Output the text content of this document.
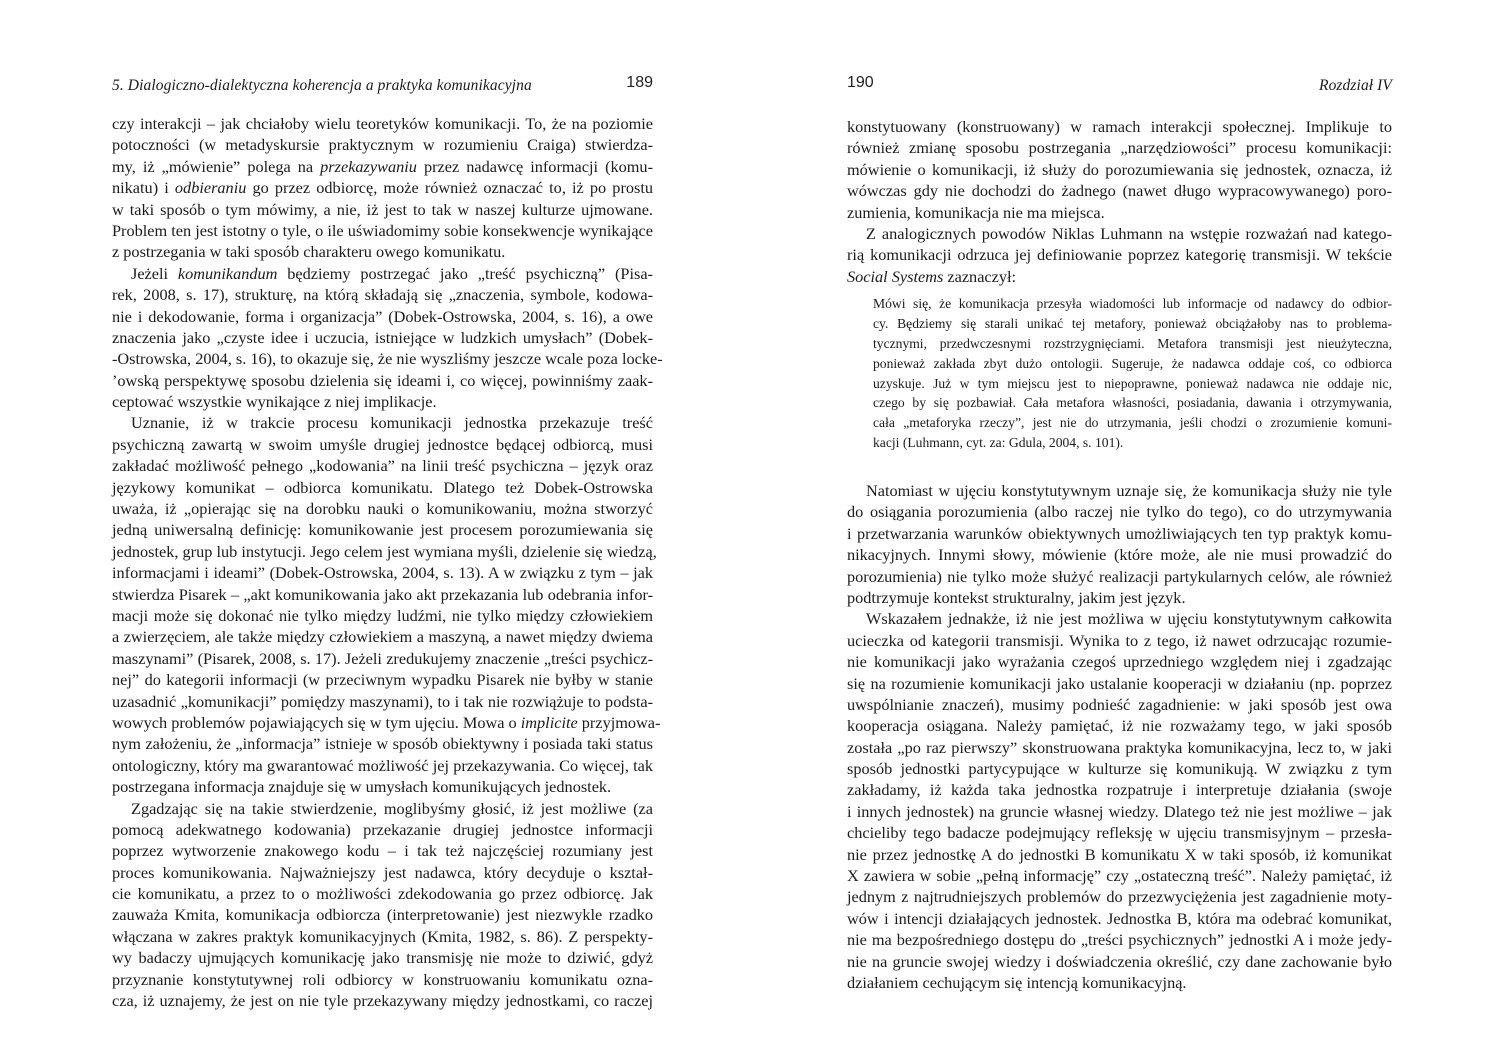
5. Dialogiczno-dialektyczna koherencja a praktyka komunikacyjna	189
czy interakcji – jak chciałoby wielu teoretyków komunikacji. To, że na poziomie
potoczności (w metadyskursie praktycznym w rozumieniu Craiga) stwierdza-
my, iż „mówienie” polega na przekazywaniu przez nadawcę informacji (komu-
nikatu) i odbieraniu go przez odbiorcę, może również oznaczać to, iż po prostu
w taki sposób o tym mówimy, a nie, iż jest to tak w naszej kulturze ujmowane.
Problem ten jest istotny o tyle, o ile uświadomimy sobie konsekwencje wynikające
z postrzegania w taki sposób charakteru owego komunikatu.
Jeżeli komunikandum będziemy postrzegać jako „treść psychiczną” (Pisa-
rek, 2008, s. 17), strukturę, na którą składają się „znaczenia, symbole, kodowa-
nie i dekodowanie, forma i organizacja” (Dobek-Ostrowska, 2004, s. 16), a owe
znaczenia jako „czyste idee i uczucia, istniejące w ludzkich umysłach” (Dobek-
-Ostrowska, 2004, s. 16), to okazuje się, że nie wyszliśmy jeszcze wcale poza locke-
’owską perspektywę sposobu dzielenia się ideami i, co więcej, powinniśmy zaak-
ceptować wszystkie wynikające z niej implikacje.
Uznanie, iż w trakcie procesu komunikacji jednostka przekazuje treść
psychiczną zawartą w swoim umyśle drugiej jednostce będącej odbiorcą, musi
zakładać możliwość pełnego „kodowania” na linii treść psychiczna – język oraz
językowy komunikat – odbiorca komunikatu. Dlatego też Dobek-Ostrowska
uważa, iż „opierając się na dorobku nauki o komunikowaniu, można stworzyć
jedną uniwersalną definicję: komunikowanie jest procesem porozumiewania się
jednostek, grup lub instytucji. Jego celem jest wymiana myśli, dzielenie się wiedzą,
informacjami i ideami” (Dobek-Ostrowska, 2004, s. 13). A w związku z tym – jak
stwierdza Pisarek – „akt komunikowania jako akt przekazania lub odebrania infor-
macji może się dokonać nie tylko między ludźmi, nie tylko między człowiekiem
a zwierzęciem, ale także między człowiekiem a maszyną, a nawet między dwiema
maszynami” (Pisarek, 2008, s. 17). Jeżeli zredukujemy znaczenie „treści psychicz-
nej” do kategorii informacji (w przeciwnym wypadku Pisarek nie byłby w stanie
uzasadnić „komunikacji” pomiędzy maszynami), to i tak nie rozwiążuje to podsta-
wowych problemów pojawiających się w tym ujęciu. Mowa o implicite przyjmowa-
nym założeniu, że „informacja” istnieje w sposób obiektywny i posiada taki status
ontologiczny, który ma gwarantować możliwość jej przekazywania. Co więcej, tak
postrzegana informacja znajduje się w umysłach komunikujących jednostek.
Zgadzając się na takie stwierdzenie, moglibyśmy głosić, iż jest możliwe (za
pomocą adekwatnego kodowania) przekazanie drugiej jednostce informacji
poprzez wytworzenie znakowego kodu – i tak też najczęściej rozumiany jest
proces komunikowania. Najważniejszy jest nadawca, który decyduje o kształ-
cie komunikatu, a przez to o możliwości zdekodowania go przez odbiorcę. Jak
zauważa Kmita, komunikacja odbiorcza (interpretowanie) jest niezwykle rzadko
włączana w zakres praktyk komunikacyjnych (Kmita, 1982, s. 86). Z perspekty-
wy badaczy ujmujących komunikację jako transmisję nie może to dziwić, gdyż
przyznanie konstytutywnej roli odbiorcy w konstruowaniu komunikatu ozna-
cza, iż uznajemy, że jest on nie tyle przekazywany między jednostkami, co raczej
190	Rozdział IV
konstytuowany (konstruowany) w ramach interakcji społecznej. Implikuje to
również zmianę sposobu postrzegania „narzędziowości” procesu komunikacji:
mówienie o komunikacji, iż służy do porozumiewania się jednostek, oznacza, iż
wówczas gdy nie dochodzi do żadnego (nawet długo wypracowywanego) poro-
zumienia, komunikacja nie ma miejsca.
Z analogicznych powodów Niklas Luhmann na wstępie rozważań nad katego-
rią komunikacji odrzuca jej definiowanie poprzez kategorię transmisji. W tekście
Social Systems zaznaczył:
Mówi się, że komunikacja przesyła wiadomości lub informacje od nadawcy do odbior-
cy. Będziemy się starali unikać tej metafory, ponieważ obciążałoby nas to problema-
tycznymi, przedwczesnymi rozstrzygnięciami. Metafora transmisji jest nieużyteczna,
ponieważ zakłada zbyt dużo ontologii. Sugeruje, że nadawca oddaje coś, co odbiorca
uzyskuje. Już w tym miejscu jest to niepoprawne, ponieważ nadawca nie oddaje nic,
czego by się pozbawiał. Cała metafora własności, posiadania, dawania i otrzymywania,
cała „metaforyka rzeczy”, jest nie do utrzymania, jeśli chodzi o zrozumienie komuni-
kacji (Luhmann, cyt. za: Gdula, 2004, s. 101).
Natomiast w ujęciu konstytutywnym uznaje się, że komunikacja służy nie tyle
do osiągania porozumienia (albo raczej nie tylko do tego), co do utrzymywania
i przetwarzania warunków obiektywnych umożliwiających ten typ praktyk komu-
nikacyjnych. Innymi słowy, mówienie (które może, ale nie musi prowadzić do
porozumienia) nie tylko może służyć realizacji partykularnych celów, ale również
podtrzymuje kontekst strukturalny, jakim jest język.
Wskazałem jednakże, iż nie jest możliwa w ujęciu konstytutywnym całkowita
ucieczka od kategorii transmisji. Wynika to z tego, iż nawet odrzucając rozumie-
nie komunikacji jako wyrażania czegoś uprzedniego względem niej i zgadzając
się na rozumienie komunikacji jako ustalanie kooperacji w działaniu (np. poprzez
uwspólnianie znaczeń), musimy podnieść zagadnienie: w jaki sposób jest owa
kooperacja osiągana. Należy pamiętać, iż nie rozważamy tego, w jaki sposób
została „po raz pierwszy” skonstruowana praktyka komunikacyjna, lecz to, w jaki
sposób jednostki partycypujące w kulturze się komunikują. W związku z tym
zakładamy, iż każda taka jednostka rozpatruje i interpretuje działania (swoje
i innych jednostek) na gruncie własnej wiedzy. Dlatego też nie jest możliwe – jak
chcieliby tego badacze podejmujący refleksję w ujęciu transmisyjnym – przesła-
nie przez jednostkę A do jednostki B komunikatu X w taki sposób, iż komunikat
X zawiera w sobie „pełną informację” czy „ostateczną treść”. Należy pamiętać, iż
jednym z najtrudniejszych problemów do przezwyciężenia jest zagadnienie moty-
wów i intencji działających jednostek. Jednostka B, która ma odebrać komunikat,
nie ma bezpośredniego dostępu do „treści psychicznych” jednostki A i może jedy-
nie na gruncie swojej wiedzy i doświadczenia określić, czy dane zachowanie było
działaniem cechującym się intencją komunikacyjną.
